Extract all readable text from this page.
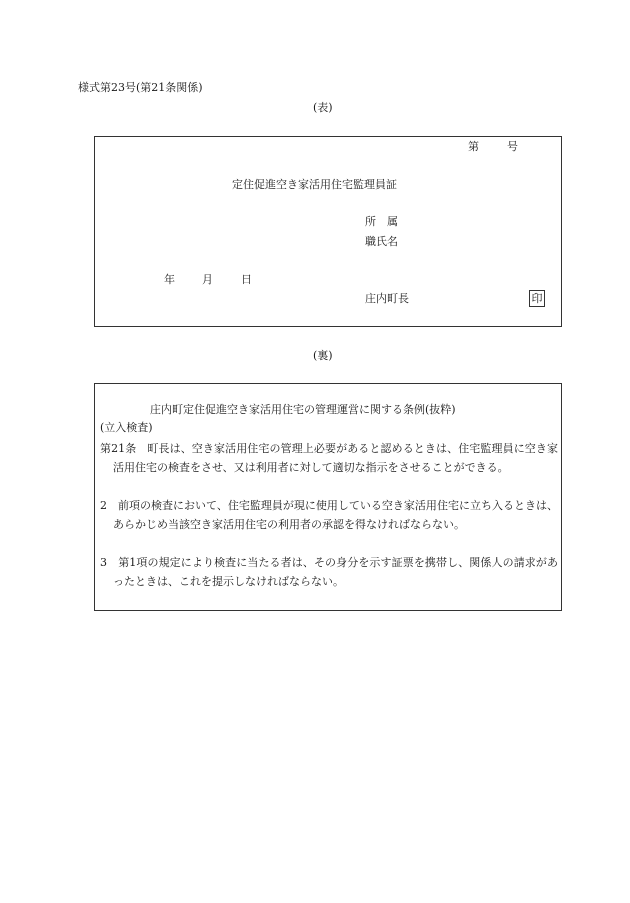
様式第23号(第21条関係)
(表)
第	号
定住促進空き家活用住宅監理員証
所　属
職氏名
年 月	日
庄内町長	印
(裏)
庄内町定住促進空き家活用住宅の管理運営に関する条例(抜粋)
(立入検査)
第21条　町長は、空き家活用住宅の管理上必要があると認めるときは、住宅監理員に空き家活用住宅の検査をさせ、又は利用者に対して適切な指示をさせることができる。
2　前項の検査において、住宅監理員が現に使用している空き家活用住宅に立ち入るときは、あらかじめ当該空き家活用住宅の利用者の承認を得なければならない。
3　第1項の規定により検査に当たる者は、その身分を示す証票を携帯し、関係人の請求があったときは、これを提示しなければならない。
